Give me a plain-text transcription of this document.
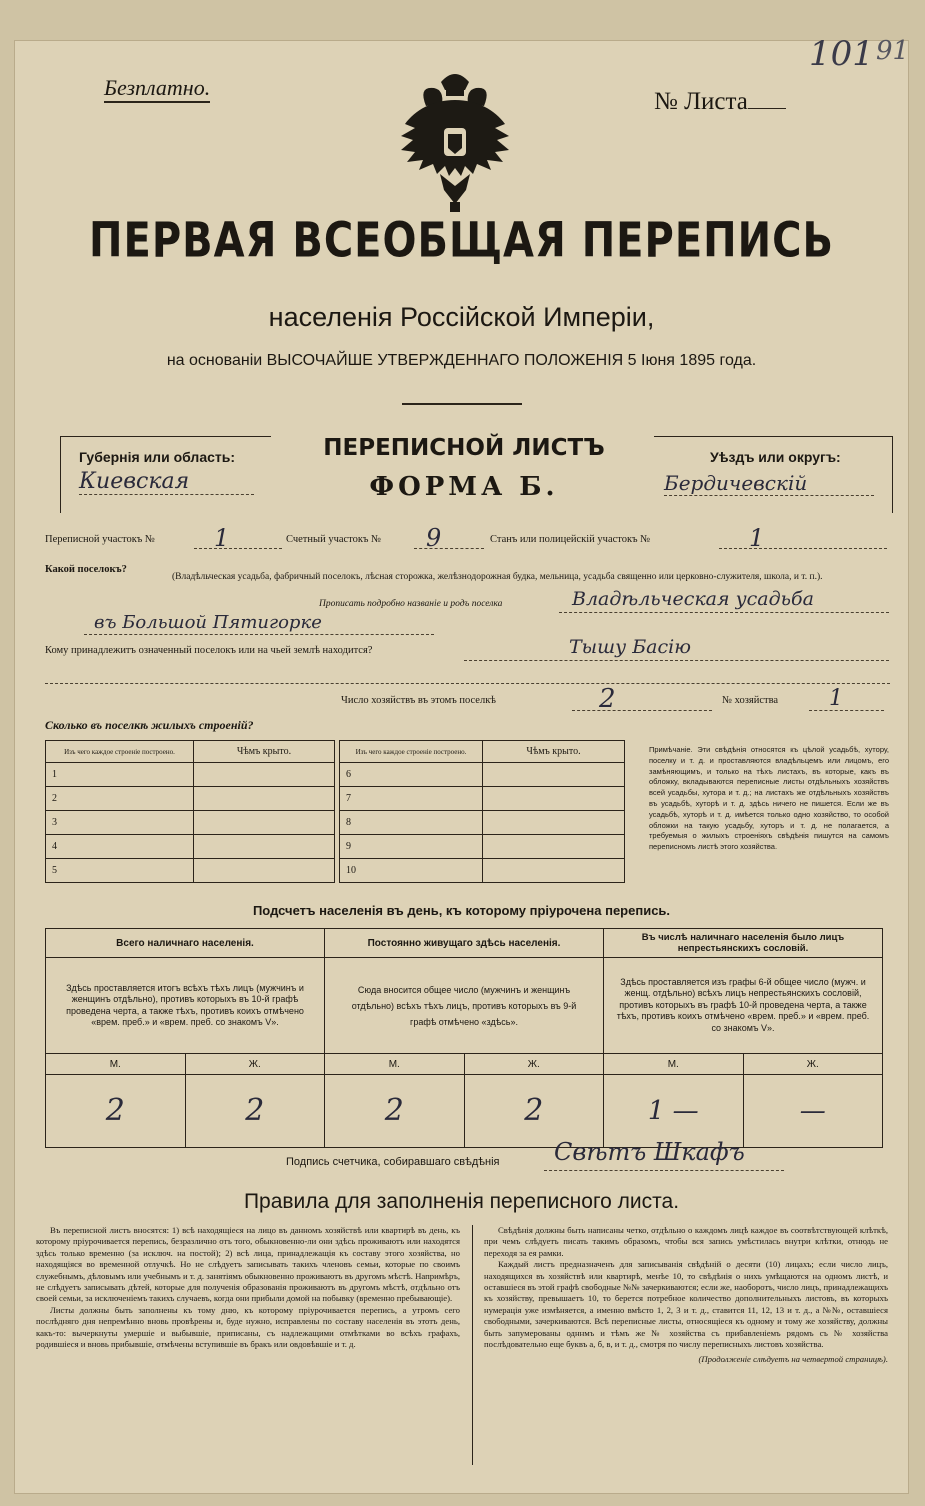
101 91
Безплатно.
№ Листа
ПЕРВАЯ ВСЕОБЩАЯ ПЕРЕПИСЬ
населенія Россійской Имперіи,
на основаніи ВЫСОЧАЙШЕ УТВЕРЖДЕННАГО ПОЛОЖЕНІЯ 5 Іюня 1895 года.
Губернія или область:
Киевская
ПЕРЕПИСНОЙ ЛИСТЪ
ФОРМА Б.
Уѣздъ или округъ:
Бердичевскій
Переписной участокъ № 1	Счетный участокъ № 9	Станъ или полицейскій участокъ №	1
Какой поселокъ?
(Владѣльческая усадьба, фабричный поселокъ, лѣсная сторожка, желѣзнодорожная будка, мельница, усадьба священно или церковно-служителя, школа, и т. п.).
Прописать подробно названіе и родъ поселка	Владѣльческая усадьба
въ Большой Пятигорке
Кому принадлежитъ означенный поселокъ или на чьей землѣ находится?	Тышу Басію
Число хозяйствъ въ этомъ поселкѣ	2	№ хозяйства 1
Сколько въ поселкѣ жилыхъ строеній?
Изъ чего каждое строеніе построено.	Чѣмъ крыто.
1	
2	
3	
4	
5	
Изъ чего каждое строеніе построено.	Чѣмъ крыто.
6	
7	
8	
9	
10	
Примѣчаніе. Эти свѣдѣнія относятся къ цѣлой усадьбѣ, хутору, поселку и т. д. и проставляются владѣльцемъ или лицомъ, его замѣняющимъ, и только на тѣхъ листахъ, въ которые, какъ въ обложку, вкладываются переписные листы отдѣльныхъ хозяйствъ всей усадьбы, хутора и т. д.; на листахъ же отдѣльныхъ хозяйствъ въ усадьбѣ, хуторѣ и т. д. здѣсь ничего не пишется. Если же въ усадьбѣ, хуторѣ и т. д. имѣется только одно хозяйство, то особой обложки на такую усадьбу, хуторъ и т. д. не полагается, а требуемыя о жилыхъ строеніяхъ свѣдѣнія пишутся на самомъ переписномъ листѣ этого хозяйства.
Подсчетъ населенія въ день, къ которому пріурочена перепись.
Всего наличнаго населенія.		Постоянно живущаго здѣсь населенія.		Въ числѣ наличнаго населенія было лицъ непрестьянскихъ сословій.	
Здѣсь проставляется итогъ всѣхъ тѣхъ лицъ (мужчинъ и женщинъ отдѣльно), противъ которыхъ въ 10-й графѣ проведена черта, а также тѣхъ, противъ коихъ отмѣчено «врем. преб.» и «врем. преб. со знакомъ V».		Сюда вносится общее число (мужчинъ и женщинъ отдѣльно) всѣхъ тѣхъ лицъ, противъ которыхъ въ 9-й графѣ отмѣчено «здѣсь».		Здѣсь проставляется изъ графы 6-й общее число (мужч. и женщ. отдѣльно) всѣхъ лицъ непрестьянскихъ сословій, противъ которыхъ въ графѣ 10-й проведена черта, а также тѣхъ, противъ коихъ отмѣчено «врем. преб.» и «врем. преб. со знакомъ V».	
М.	Ж.	М.	Ж.	М.	Ж.
2	2	2	2	1 —	—
Подпись счетчика, собиравшаго свѣдѣнія Свѣтъ Шкафъ
Правила для заполненія переписного листа.

Въ переписной листъ вносятся: 1) всѣ находящіеся на лицо въ данномъ хозяйствѣ или квартирѣ въ день, къ которому пріурочивается перепись, безразлично отъ того, обыкновенно-ли они здѣсь проживаютъ или находятся здѣсь только временно (за исключ. на постой); 2) всѣ лица, принадлежащія къ составу этого хозяйства, но находящіяся во временной отлучкѣ. Но не слѣдуетъ записывать такихъ членовъ семьи, которые по своимъ служебнымъ, дѣловымъ или учебнымъ и т. д. занятіямъ обыкновенно проживаютъ въ другомъ мѣстѣ. Напримѣръ, не слѣдуетъ записывать дѣтей, которые для полученія образованія проживаютъ въ другомъ мѣстѣ, отдѣльно отъ своей семьи, за исключеніемъ такихъ случаевъ, когда они прибыли домой на побывку (временно пребывающіе).

Листы должны быть заполнены къ тому дню, къ которому пріурочивается перепись, а утромъ сего послѣдняго дня непремѣнно вновь провѣрены и, буде нужно, исправлены по составу населенія въ этотъ день, какъ-то: вычеркнуты умершіе и выбывшіе, приписаны, съ надлежащими отмѣтками во всѣхъ графахъ, родившіеся и вновь прибывшіе, отмѣчены вступившіе въ бракъ или овдовѣвшіе и т. д.

Свѣдѣнія должны быть написаны четко, отдѣльно о каждомъ лицѣ каждое въ соотвѣтствующей клѣткѣ, при чемъ слѣдуетъ писать такимъ образомъ, чтобы вся запись умѣстилась внутри клѣтки, отнюдь не переходя за ея рамки.

Каждый листъ предназначенъ для записыванія свѣдѣній о десяти (10) лицахъ; если число лицъ, находящихся въ хозяйствѣ или квартирѣ, менѣе 10, то свѣдѣнія о нихъ умѣщаются на одномъ листѣ, и оставшіеся въ этой графѣ свободные №№ зачеркиваются; если же, наоборотъ, число лицъ, принадлежащихъ къ хозяйству, превышаетъ 10, то берется потребное количество дополнительныхъ листовъ, въ которыхъ нумерація уже измѣняется, а именно вмѣсто 1, 2, 3 и т. д., ставится 11, 12, 13 и т. д., а №№, оставшіеся свободными, зачеркиваются. Всѣ переписные листы, относящіеся къ одному и тому же хозяйству, должны быть запумерованы одннмъ и тѣмъ же № хозяйства съ прибавленіемъ рядомъ съ № хозяйства послѣдовательно еще буквъ а, б, в, и т. д., смотря по числу переписныхъ листовъ хозяйства.

(Продолженіе слѣдуетъ на четвертой страницѣ).
